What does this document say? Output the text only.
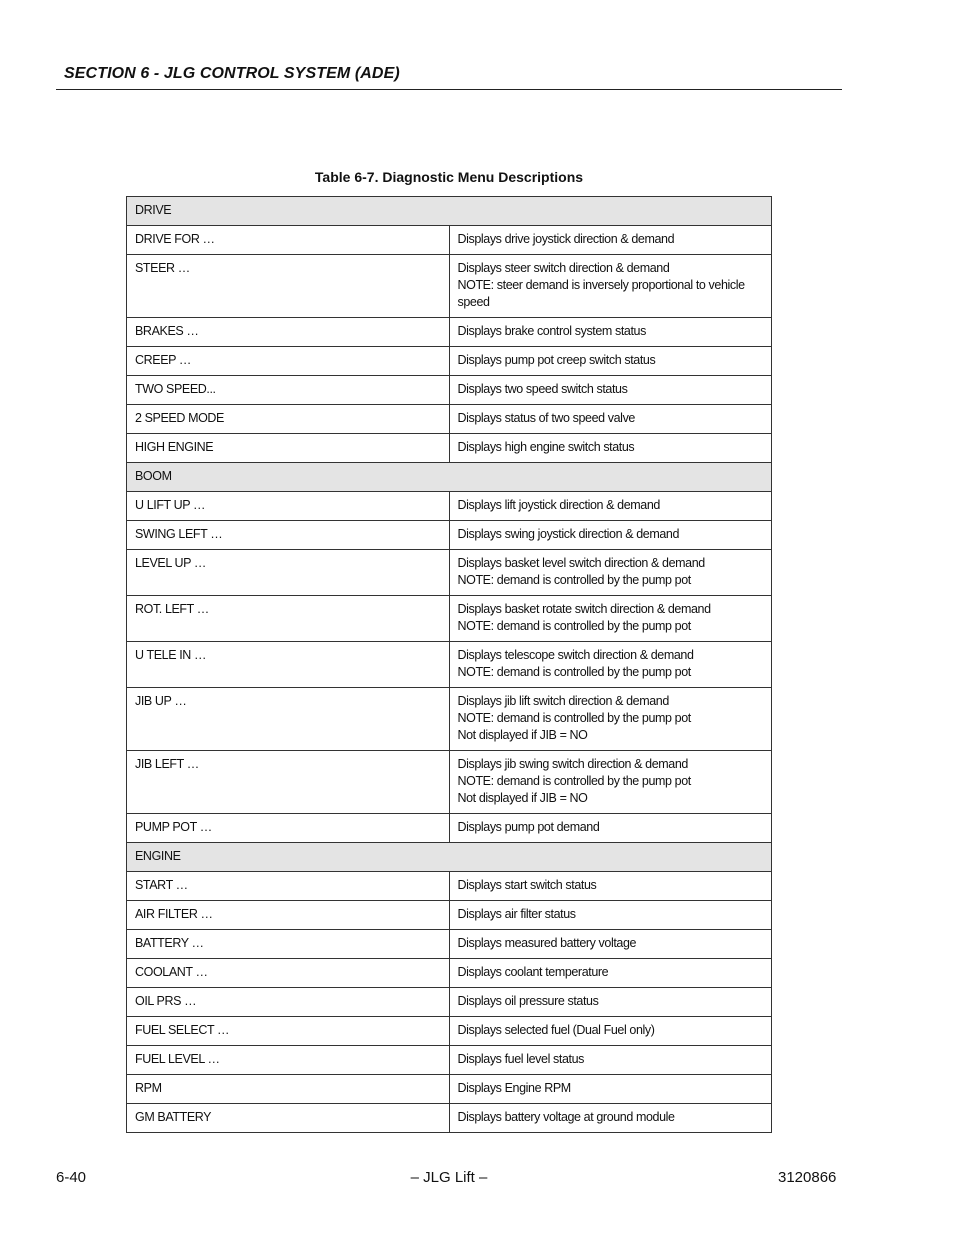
SECTION 6 - JLG CONTROL SYSTEM (ADE)
Table 6-7. Diagnostic Menu Descriptions
DRIVE	
DRIVE FOR …	Displays drive joystick direction & demand

STEER …	Displays steer switch direction & demand
NOTE: steer demand is inversely proportional to vehicle speed

BRAKES …	Displays brake control system status

CREEP …	Displays pump pot creep switch status

TWO SPEED...	Displays two speed switch status

2 SPEED MODE	Displays status of two speed valve

HIGH ENGINE	Displays high engine switch status

BOOM	
U LIFT UP …	Displays lift joystick direction & demand

SWING LEFT …	Displays swing joystick direction & demand

LEVEL UP …	Displays basket level switch direction & demand
NOTE: demand is controlled by the pump pot

ROT. LEFT …	Displays basket rotate switch direction & demand
NOTE: demand is controlled by the pump pot

U TELE IN …	Displays telescope switch direction & demand
NOTE: demand is controlled by the pump pot

JIB UP …	Displays jib lift switch direction & demand
NOTE: demand is controlled by the pump pot
Not displayed if JIB = NO

JIB LEFT …	Displays jib swing switch direction & demand
NOTE: demand is controlled by the pump pot
Not displayed if JIB = NO

PUMP POT …	Displays pump pot demand

ENGINE	
START …	Displays start switch status

AIR FILTER …	Displays air filter status

BATTERY …	Displays measured battery voltage

COOLANT …	Displays coolant temperature

OIL PRS …	Displays oil pressure status

FUEL SELECT …	Displays selected fuel (Dual Fuel only)

FUEL LEVEL …	Displays fuel level status

RPM	Displays Engine RPM

GM BATTERY	Displays battery voltage at ground module
6-40	– JLG Lift –	3120866
